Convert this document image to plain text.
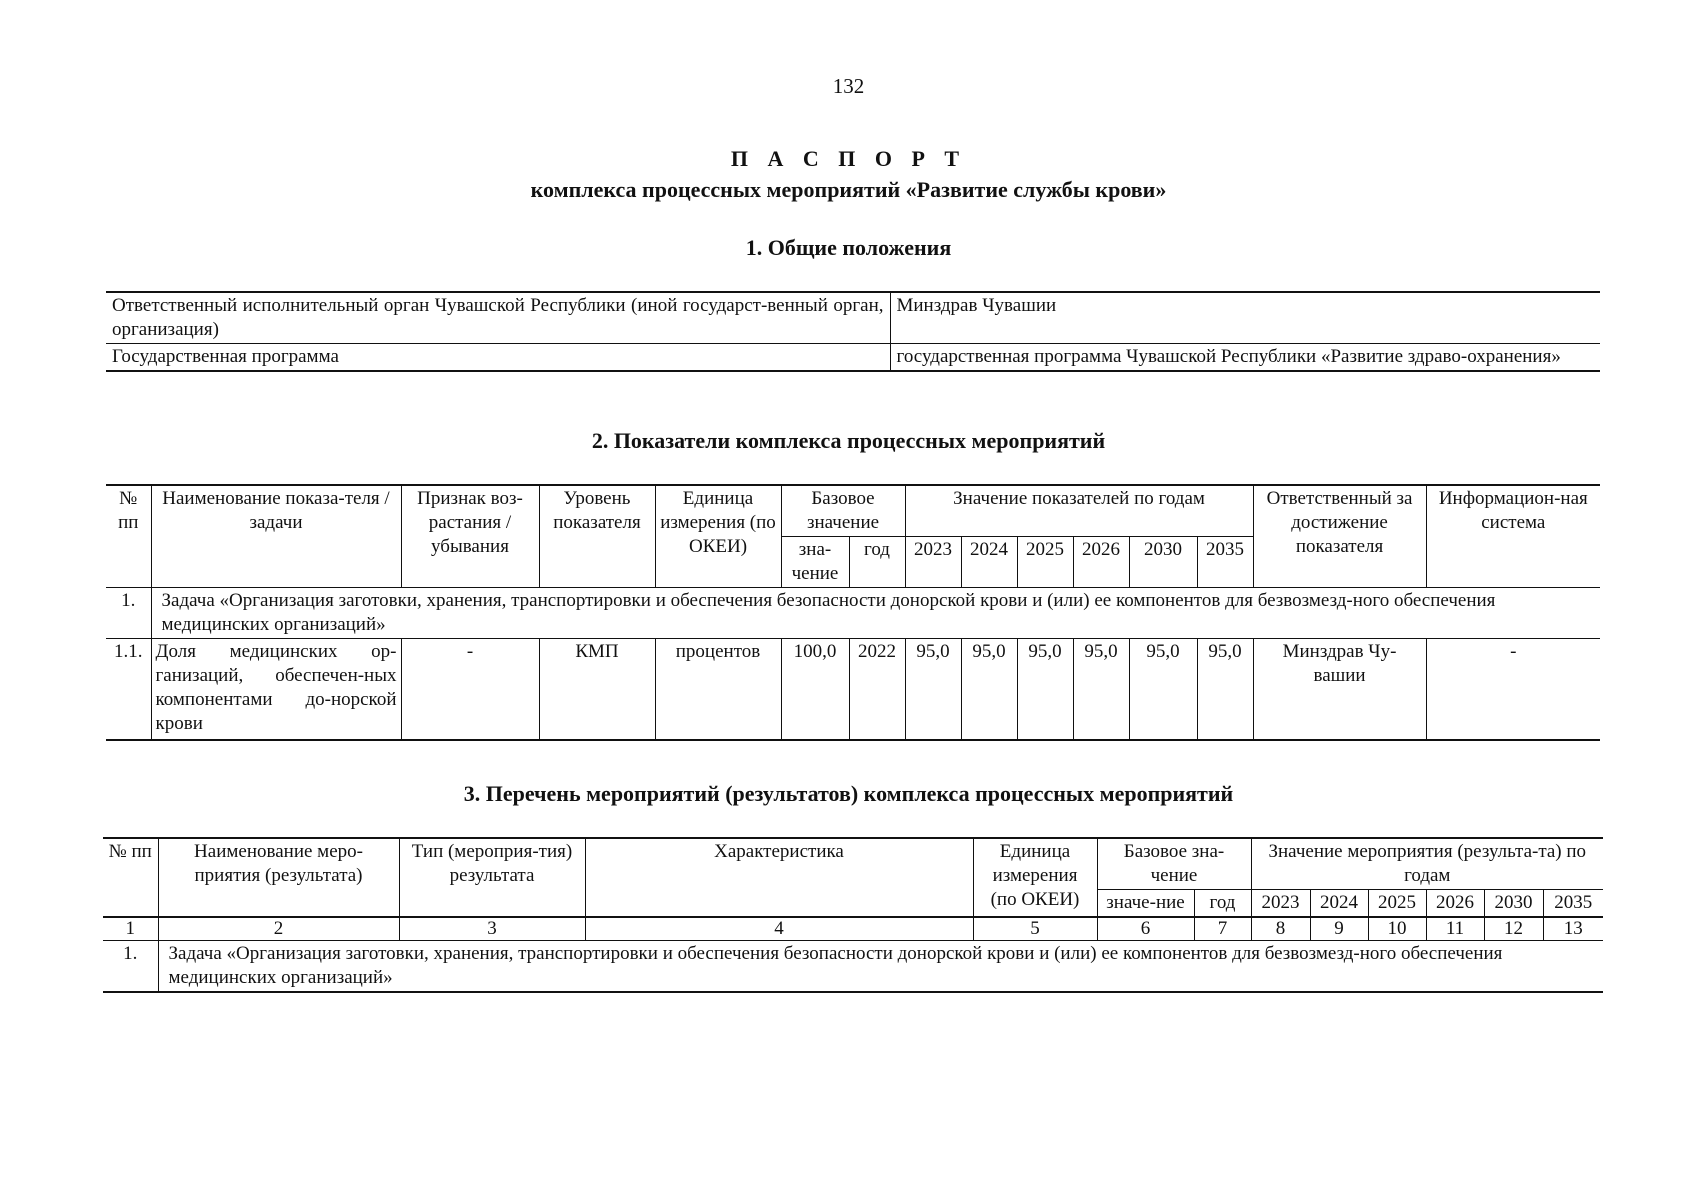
132
П А С П О Р Т
комплекса процессных мероприятий «Развитие службы крови»
1. Общие положения
Ответственный исполнительный орган Чувашской Республики (иной государст-венный орган, организация)	Минздрав Чувашии
Государственная программа	государственная программа Чувашской Республики «Развитие здраво-охранения»
2. Показатели комплекса процессных мероприятий
№ пп	Наименование показа-теля / задачи	Признак воз-растания / убывания	Уровень показателя	Единица измерения (по ОКЕИ)	Базовое значение		Значение показателей по годам						Ответственный за достижение показателя	Информацион-ная система
					зна-чение	год	2023	2024	2025	2026	2030	2035		
1.	Задача «Организация заготовки, хранения, транспортировки и обеспечения безопасности донорской крови и (или) ее компонентов для безвозмезд-ного обеспечения медицинских организаций»													
1.1.	Доля медицинских ор-ганизаций, обеспечен-ных компонентами до-норской крови	-	КМП	процентов	100,0	2022	95,0	95,0	95,0	95,0	95,0	95,0	Минздрав Чу-вашии	-
3. Перечень мероприятий (результатов) комплекса процессных мероприятий
№ пп	Наименование меро-приятия (результата)	Тип (мероприя-тия) результата	Характеристика	Единица измерения (по ОКЕИ)	Базовое зна-чение		Значение мероприятия (результа-та) по годам					
					значе-ние	год	2023	2024	2025	2026	2030	2035
1	2	3	4	5	6	7	8	9	10	11	12	13
1.	Задача «Организация заготовки, хранения, транспортировки и обеспечения безопасности донорской крови и (или) ее компонентов для безвозмезд-ного обеспечения медицинских организаций»											
